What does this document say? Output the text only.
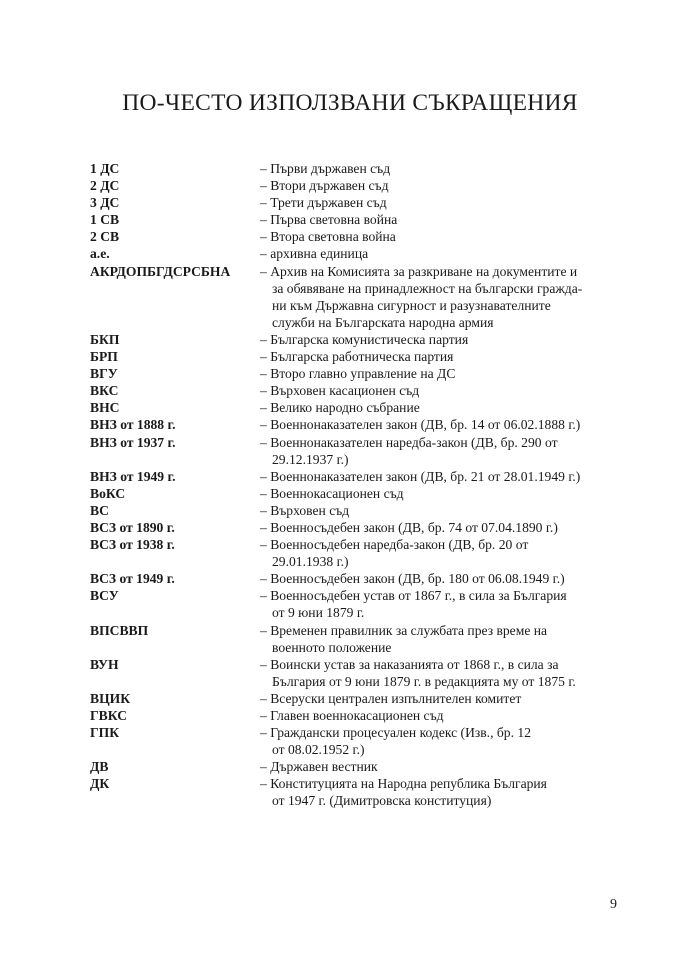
ПО-ЧЕСТО ИЗПОЛЗВАНИ СЪКРАЩЕНИЯ
1 ДС	– Първи държавен съд
2 ДС	– Втори държавен съд
3 ДС	– Трети държавен съд
1 СВ	– Първа световна война
2 СВ	– Втора световна война
а.е.	– архивна единица
АКРДОПБГДСРСБНА	– Архив на Комисията за разкриване на документите и
за обявяване на принадлежност на български гражда-
ни към Държавна сигурност и разузнавателните
служби на Българската народна армия
БКП	– Българска комунистическа партия
БРП	– Българска работническа партия
ВГУ	– Второ главно управление на ДС
ВКС	– Върховен касационен съд
ВНС	– Велико народно събрание
ВНЗ от 1888 г.	– Военнонаказателен закон (ДВ, бр. 14 от 06.02.1888 г.)
ВНЗ от 1937 г.	– Военнонаказателен наредба-закон (ДВ, бр. 290 от
29.12.1937 г.)
ВНЗ от 1949 г.	– Военнонаказателен закон (ДВ, бр. 21 от 28.01.1949 г.)
ВоКС	– Военнокасационен съд
ВС	– Върховен съд
ВСЗ от 1890 г.	– Военносъдебен закон (ДВ, бр. 74 от 07.04.1890 г.)
ВСЗ от 1938 г.	– Военносъдебен наредба-закон (ДВ, бр. 20 от
29.01.1938 г.)
ВСЗ от 1949 г.	– Военносъдебен закон (ДВ, бр. 180 от 06.08.1949 г.)
ВСУ	– Военносъдебен устав от 1867 г., в сила за България
от 9 юни 1879 г.
ВПСВВП	– Временен правилник за службата през време на
военното положение
ВУН	– Воински устав за наказанията от 1868 г., в сила за
България от 9 юни 1879 г. в редакцията му от 1875 г.
ВЦИК	– Всеруски централен изпълнителен комитет
ГВКС	– Главен военнокасационен съд
ГПК	– Граждански процесуален кодекс (Изв., бр. 12
от 08.02.1952 г.)
ДВ	– Държавен вестник
ДК	– Конституцията на Народна република България
от 1947 г. (Димитровска конституция)
9
